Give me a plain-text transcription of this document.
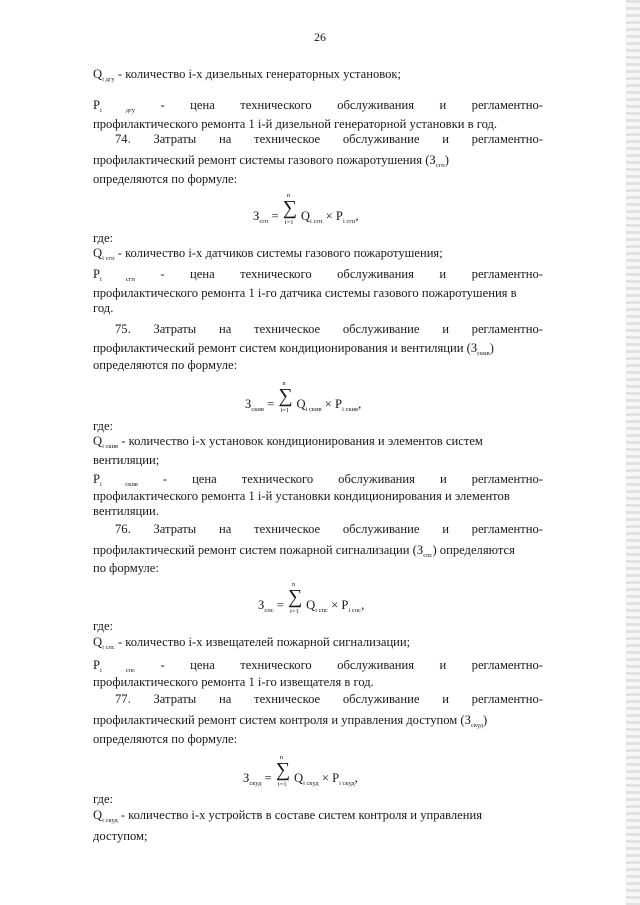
26
$Q_{i дгу}$ - количество i-х дизельных генераторных установок;
$P_{i дгу}$ - цена технического обслуживания и регламентно-
профилактического ремонта 1 i-й дизельной генераторной установки в год.
74. Затраты на техническое обслуживание и регламентно-
профилактический ремонт системы газового пожаротушения $(З_{сгп})$
определяются по формуле:
$З_{сгп}$ =
n
∑
i=1 $Q_{i сгп} \times P_{i сгп}$,
где:
$Q_{i сгп}$ - количество i-х датчиков системы газового пожаротушения;
$P_{i сгп}$ - цена технического обслуживания и регламентно-
профилактического ремонта 1 i-го датчика системы газового пожаротушения в
год.
75. Затраты на техническое обслуживание и регламентно-
профилактический ремонт систем кондиционирования и вентиляции $(З_{скив})$
определяются по формуле:
$З_{скив}$ =
n
∑
i=1 $Q_{i скив} \times P_{i скив}$,
где:
$Q_{i скив}$ - количество i-х установок кондиционирования и элементов систем
вентиляции;
$P_{i скив}$ - цена технического обслуживания и регламентно-
профилактического ремонта 1 i-й установки кондиционирования и элементов
вентиляции.
76. Затраты на техническое обслуживание и регламентно-
профилактический ремонт систем пожарной сигнализации $(З_{спс})$ определяются
по формуле:
$З_{спс}$ =
n
∑
i=1 $Q_{i спс} \times P_{i спс}$,
где:
$Q_{i спс}$ - количество i-х извещателей пожарной сигнализации;
$P_{i спс}$ - цена технического обслуживания и регламентно-
профилактического ремонта 1 i-го извещателя в год.
77. Затраты на техническое обслуживание и регламентно-
профилактический ремонт систем контроля и управления доступом $(З_{скуд})$
определяются по формуле:
$З_{скуд}$ =
n
∑
i=1 $Q_{i скуд} \times P_{i скуд}$,
где:
$Q_{i скуд}$ - количество i-х устройств в составе систем контроля и управления
доступом;
